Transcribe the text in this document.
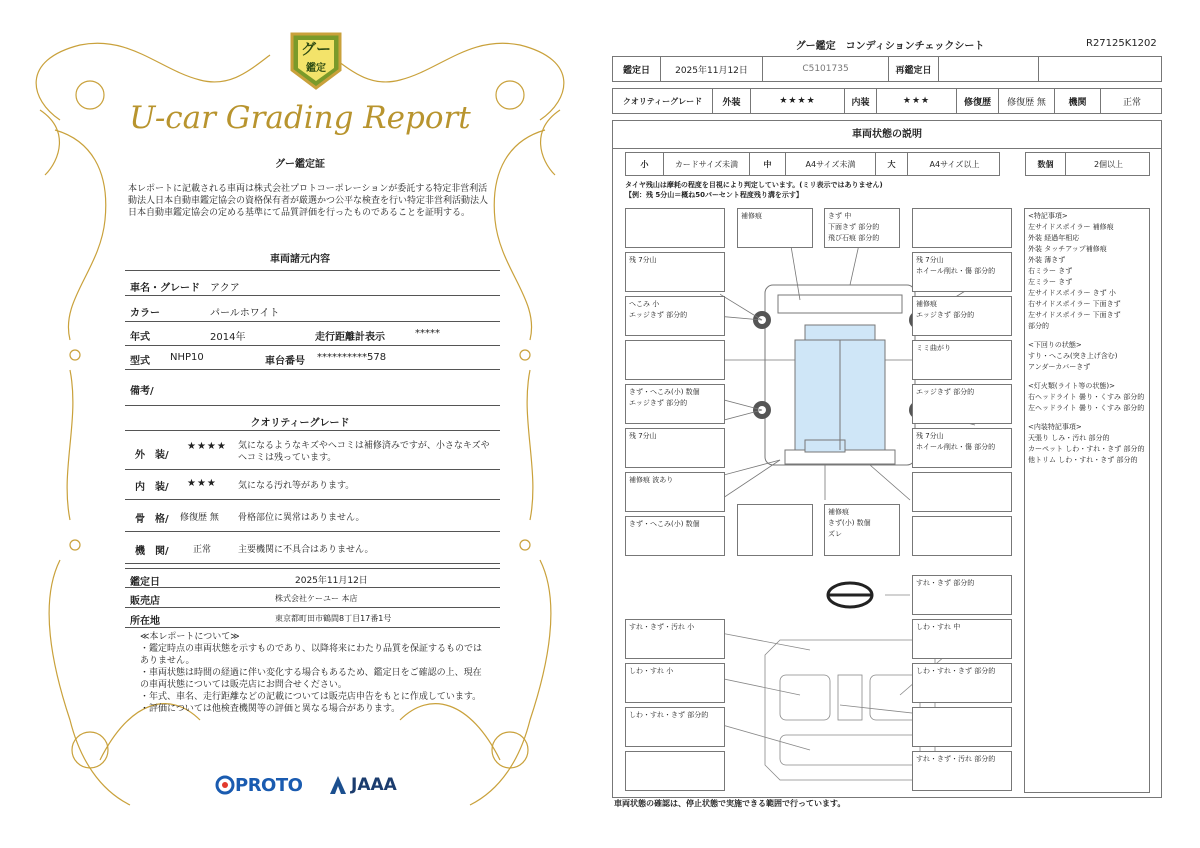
グー
鑑定
U-car Grading Report
グー鑑定証
本レポートに記載される車両は株式会社プロトコーポレーションが委託する特定非営利活動法人日本自動車鑑定協会の資格保有者が厳選かつ公平な検査を行い特定非営利活動法人日本自動車鑑定協会の定める基準にて品質評価を行ったものであることを証明する。
車両諸元内容
車名・グレード アクア
カラー	パールホワイト
年式	2014年	走行距離計表示	*****
型式 NHP10	車台番号 **********578
備考/
クオリティーグレード
外　装/
★★★★ 気になるようなキズやヘコミは補修済みですが、小さなキズやヘコミは残っています。
内　装/ ★★★ 気になる汚れ等があります。
骨　格/ 修復歴 無 骨格部位に異常はありません。
機　関/	正常	主要機関に不具合はありません。
鑑定日	2025年11月12日
販売店	株式会社ケーユー 本店
所在地	東京都町田市鶴間8丁目17番1号
≪本レポートについて≫
・鑑定時点の車両状態を示すものであり、以降将来にわたり品質を保証するものではありません。
・車両状態は時間の経過に伴い変化する場合もあるため、鑑定日をご確認の上、現在の車両状態については販売店にお問合せください。
・年式、車名、走行距離などの記載については販売店申告をもとに作成しています。
・評価については他検査機関等の評価と異なる場合があります。
PROTO	JAAA
グー鑑定　コンディションチェックシート	R27125K1202
鑑定日	2025年11月12日	C5101735	再鑑定日
クオリティーグレード	外装	★★★★	内装	★★★	修復歴	修復歴 無	機関	正常
車両状態の説明
小	カードサイズ未満	中	A4サイズ未満	大	A4サイズ以上	数個	2個以上
タイヤ残山は摩耗の程度を目視により判定しています。(ミリ表示ではありません)
【例：残 5分山＝概ね50パーセント程度残り溝を示す】
補修痕	きず 中
下面きず 部分的
飛び石痕 部分的
残 7分山	残 7分山
ホイール削れ・傷 部分的
へこみ 小
エッジきず 部分的
補修痕
エッジきず 部分的
ミミ曲がり
きず・へこみ(小) 数個
エッジきず 部分的
エッジきず 部分的
残 7分山	残 7分山
ホイール削れ・傷 部分的
補修痕 波あり
きず・へこみ(小) 数個
補修痕
きず(小) 数個
ズレ
<特記事項>
左サイドスポイラー 補修痕
外装 経過年相応
外装 タッチアップ補修痕
外装 薄きず
右ミラー きず
左ミラー きず
左サイドスポイラー きず 小
右サイドスポイラー 下面きず
左サイドスポイラー 下面きず
部分的
<下回りの状態>
すり・へこみ(突き上げ含む)
アンダーカバーきず
<灯火類(ライト等の状態)>
右ヘッドライト 曇り・くすみ 部分的
左ヘッドライト 曇り・くすみ 部分的
<内装特記事項>
天張り しみ・汚れ 部分的
カーペット しわ・すれ・きず 部分的
他トリム しわ・すれ・きず 部分的
すれ・きず 部分的
すれ・きず・汚れ 小	しわ・すれ 中
しわ・すれ 小	しわ・すれ・きず 部分的
しわ・すれ・きず 部分的
すれ・きず・汚れ 部分的
車両状態の確認は、停止状態で実施できる範囲で行っています。
